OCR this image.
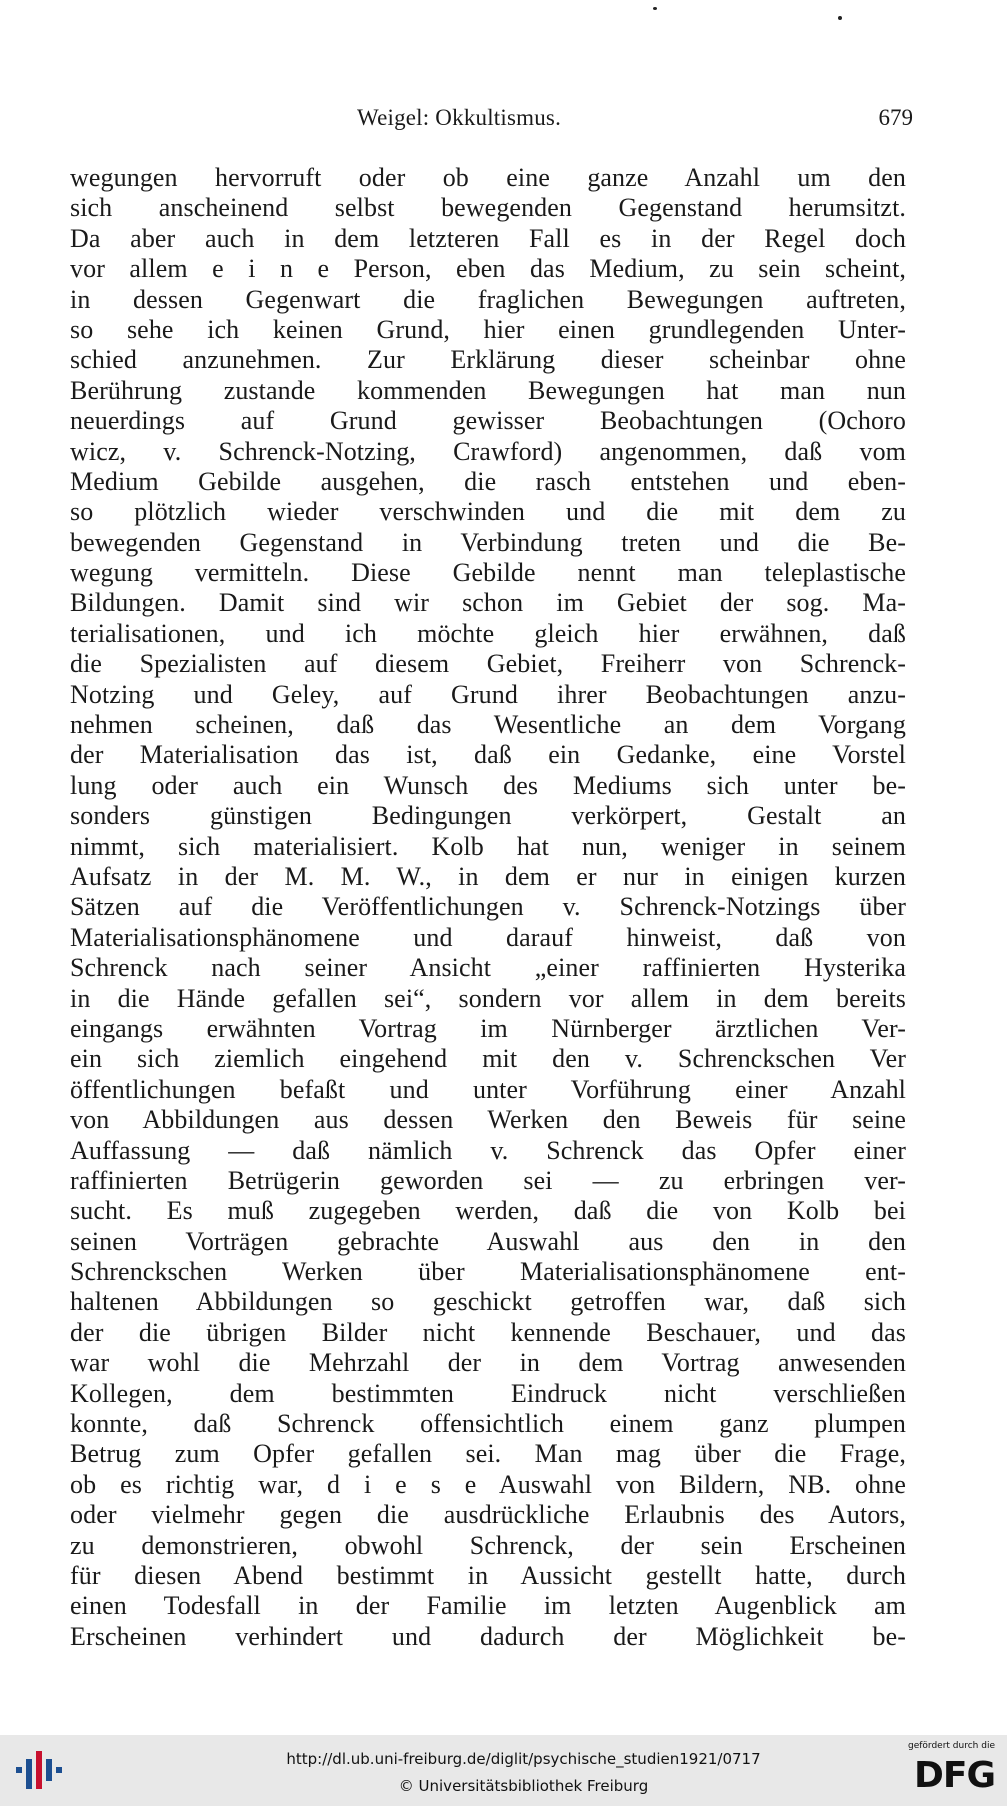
Weigel: Okkultismus.	679
wegungen hervorruft oder ob eine ganze Anzahl um den
sich anscheinend selbst bewegenden Gegenstand herumsitzt.
Da aber auch in dem letzteren Fall es in der Regel doch
vor allem e i n e Person, eben das Medium, zu sein scheint,
in dessen Gegenwart die fraglichen Bewegungen auftreten,
so sehe ich keinen Grund, hier einen grundlegenden Unter-
schied anzunehmen. Zur Erklärung dieser scheinbar ohne
Berührung zustande kommenden Bewegungen hat man nun
neuerdings auf Grund gewisser Beobachtungen (Ochoro
wicz, v. Schrenck-Notzing, Crawford) angenommen, daß vom
Medium Gebilde ausgehen, die rasch entstehen und eben-
so plötzlich wieder verschwinden und die mit dem zu
bewegenden Gegenstand in Verbindung treten und die Be-
wegung vermitteln. Diese Gebilde nennt man teleplastische
Bildungen. Damit sind wir schon im Gebiet der sog. Ma-
terialisationen, und ich möchte gleich hier erwähnen, daß
die Spezialisten auf diesem Gebiet, Freiherr von Schrenck-
Notzing und Geley, auf Grund ihrer Beobachtungen anzu-
nehmen scheinen, daß das Wesentliche an dem Vorgang
der Materialisation das ist, daß ein Gedanke, eine Vorstel
lung oder auch ein Wunsch des Mediums sich unter be-
sonders günstigen Bedingungen verkörpert, Gestalt an
nimmt, sich materialisiert. Kolb hat nun, weniger in seinem
Aufsatz in der M. M. W., in dem er nur in einigen kurzen
Sätzen auf die Veröffentlichungen v. Schrenck-Notzings über
Materialisationsphänomene und darauf hinweist, daß von
Schrenck nach seiner Ansicht „einer raffinierten Hysterika
in die Hände gefallen sei“, sondern vor allem in dem bereits
eingangs erwähnten Vortrag im Nürnberger ärztlichen Ver-
ein sich ziemlich eingehend mit den v. Schrenckschen Ver
öffentlichungen befaßt und unter Vorführung einer Anzahl
von Abbildungen aus dessen Werken den Beweis für seine
Auffassung — daß nämlich v. Schrenck das Opfer einer
raffinierten Betrügerin geworden sei — zu erbringen ver-
sucht. Es muß zugegeben werden, daß die von Kolb bei
seinen Vorträgen gebrachte Auswahl aus den in den
Schrenckschen Werken über Materialisationsphänomene ent-
haltenen Abbildungen so geschickt getroffen war, daß sich
der die übrigen Bilder nicht kennende Beschauer, und das
war wohl die Mehrzahl der in dem Vortrag anwesenden
Kollegen, dem bestimmten Eindruck nicht verschließen
konnte, daß Schrenck offensichtlich einem ganz plumpen
Betrug zum Opfer gefallen sei. Man mag über die Frage,
ob es richtig war, d i e s e Auswahl von Bildern, NB. ohne
oder vielmehr gegen die ausdrückliche Erlaubnis des Autors,
zu demonstrieren, obwohl Schrenck, der sein Erscheinen
für diesen Abend bestimmt in Aussicht gestellt hatte, durch
einen Todesfall in der Familie im letzten Augenblick am
Erscheinen verhindert und dadurch der Möglichkeit be-
http://dl.ub.uni-freiburg.de/diglit/psychische_studien1921/0717
© Universitätsbibliothek Freiburg
gefördert durch die
DFG
